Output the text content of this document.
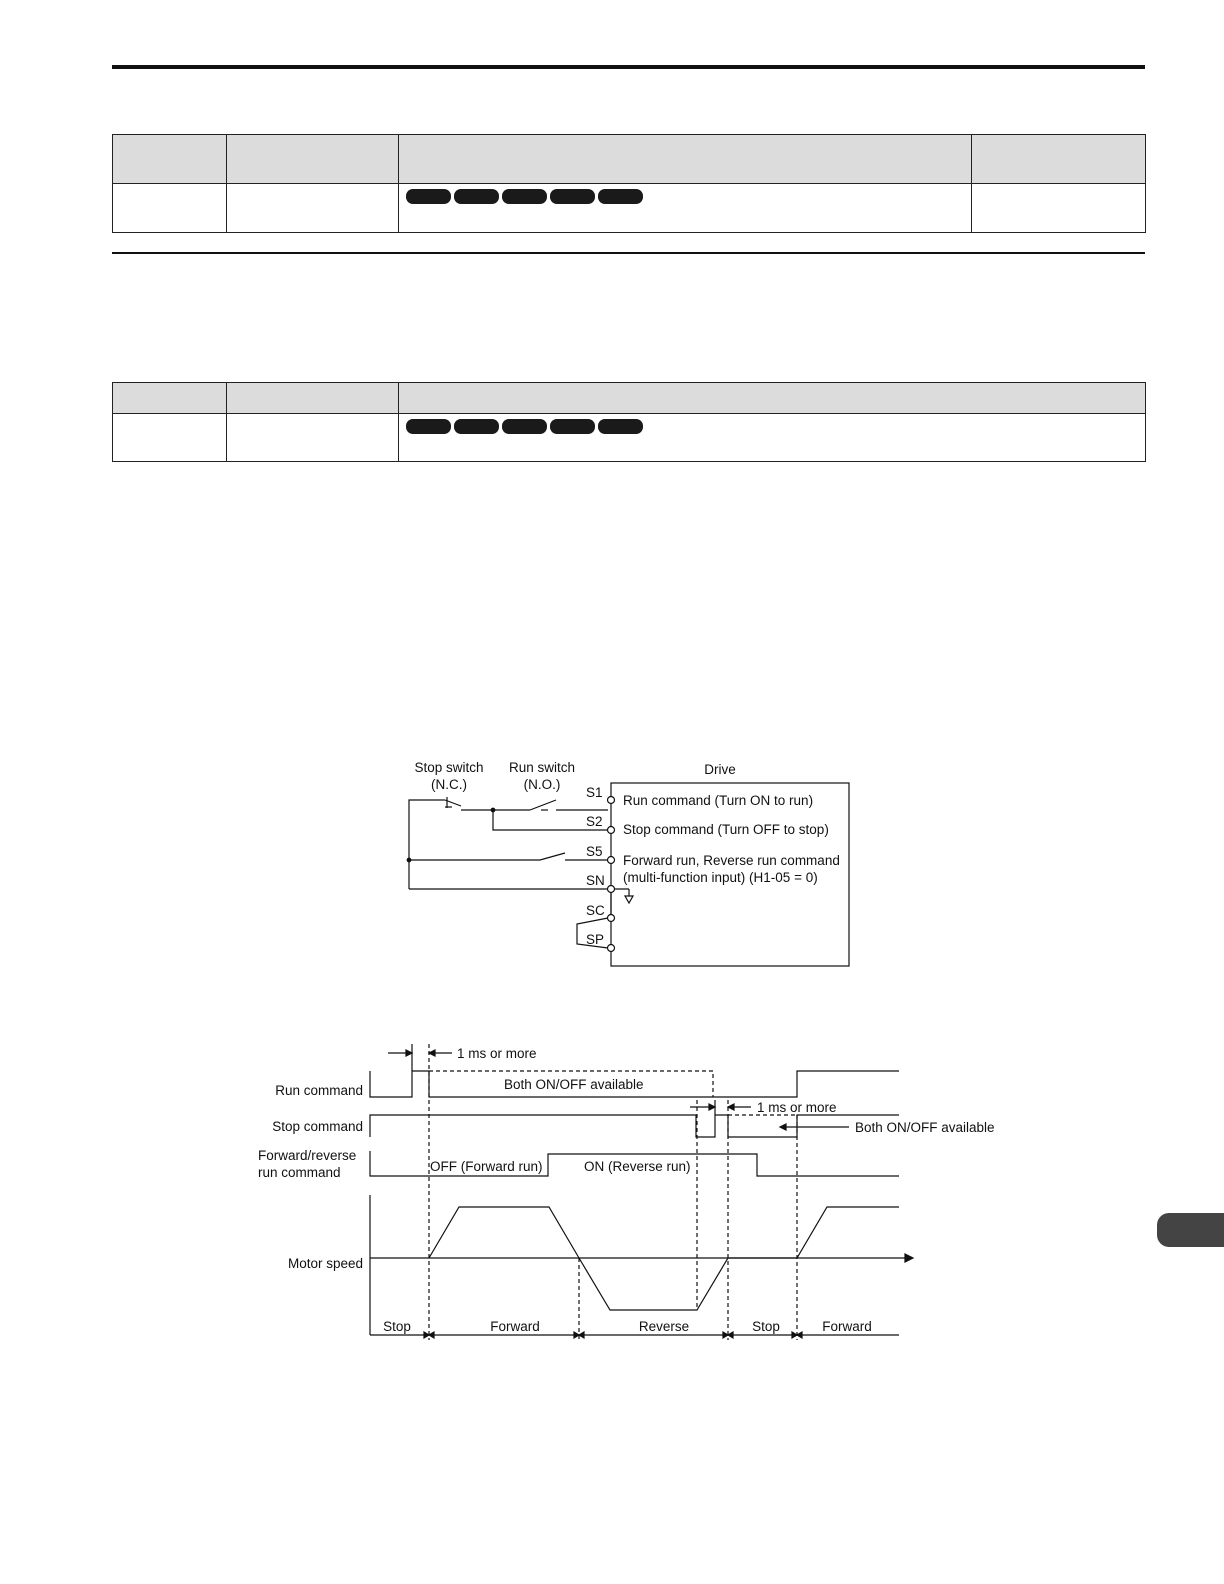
Stop switch
(N.C.)
Run switch
(N.O.)
Drive
S1
S2
S5
SN
SC
SP
Run command (Turn ON to run)
Stop command (Turn OFF to stop)
Forward run, Reverse run command
(multi-function input) (H1-05 = 0)
Run command
Stop command
Forward/reverse
run command
Motor speed
1 ms or more
Both ON/OFF available
1 ms or more
Both ON/OFF available
OFF (Forward run)	ON (Reverse run)
Stop	Forward	Reverse	Stop	Forward
